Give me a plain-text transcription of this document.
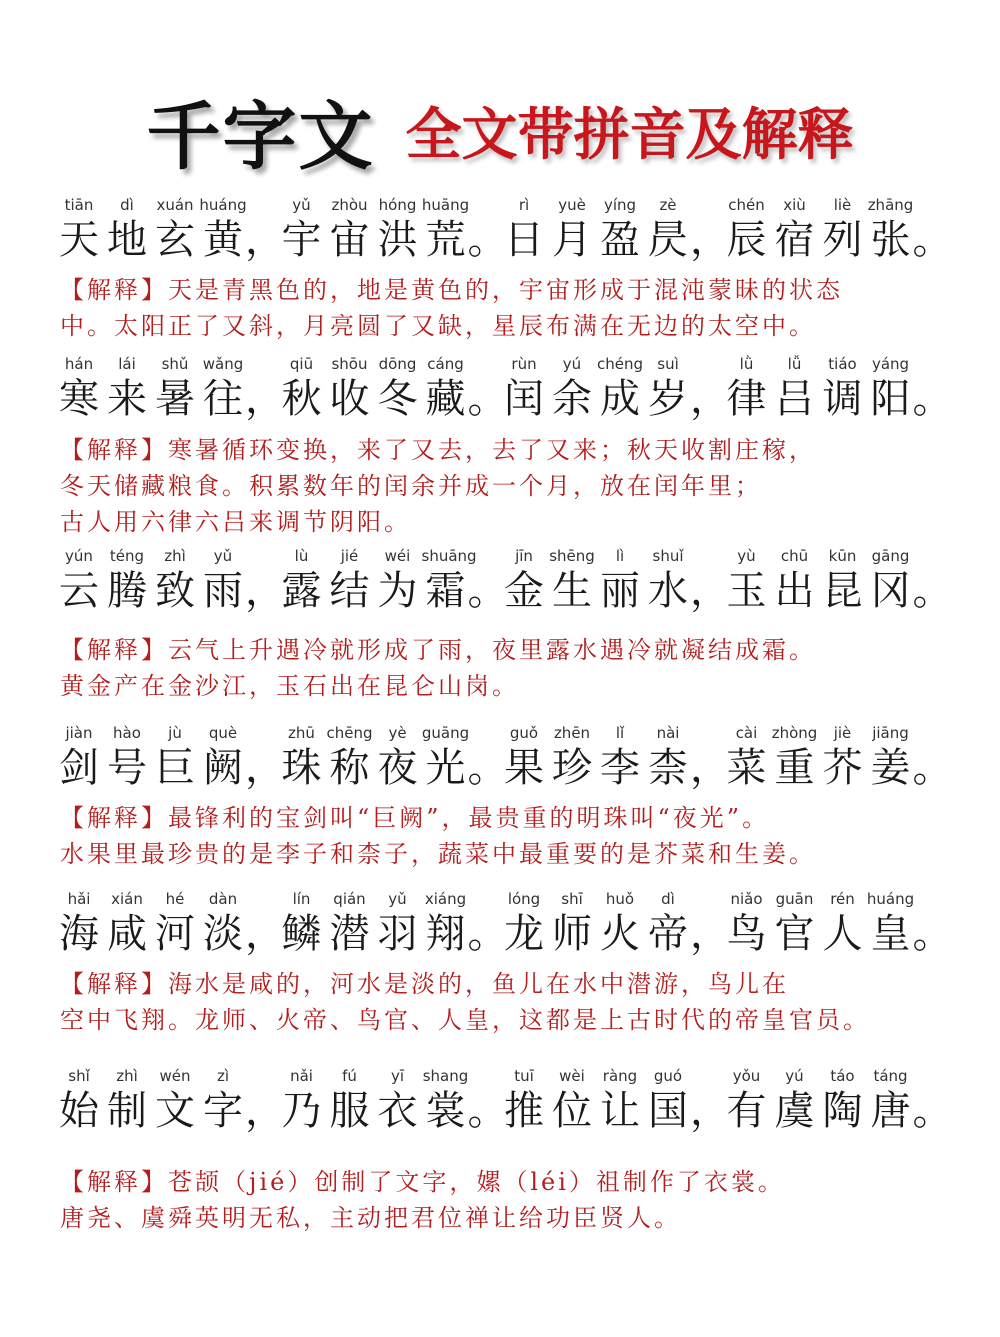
千字文 全文带拼音及解释
tiān
天
dì
地
xuán
玄
huáng
黄 ，
yǔ
宇
zhòu
宙
hóng
洪
huāng
荒 。
rì
日
yuè
月
yíng
盈
zè
昃 ，
chén
辰
xiù
宿
liè
列
zhāng
张 。
【解释】天是青黑色的，地是黄色的，宇宙形成于混沌蒙昧的状态
中。太阳正了又斜，月亮圆了又缺，星辰布满在无边的太空中。
hán
寒
lái
来
shǔ
暑
wǎng
往 ，
qiū
秋
shōu
收
dōng
冬
cáng
藏 。
rùn
闰
yú
余
chéng
成
suì
岁 ，
lǜ
律
lǚ
吕
tiáo
调
yáng
阳 。
【解释】寒暑循环变换，来了又去，去了又来；秋天收割庄稼，
冬天储藏粮食。积累数年的闰余并成一个月，放在闰年里；
古人用六律六吕来调节阴阳。
yún
云
téng
腾
zhì
致
yǔ
雨 ，
lù
露
jié
结
wéi
为
shuāng
霜 。
jīn
金
shēng
生
lì
丽
shuǐ
水 ，
yù
玉
chū
出
kūn
昆
gāng
冈 。
【解释】云气上升遇冷就形成了雨，夜里露水遇冷就凝结成霜。
黄金产在金沙江，玉石出在昆仑山岗。
jiàn
剑
hào
号
jù
巨
què
阙 ，
zhū
珠
chēng
称
yè
夜
guāng
光 。
guǒ
果
zhēn
珍
lǐ
李
nài
柰 ，
cài
菜
zhòng
重
jiè
芥
jiāng
姜 。
【解释】最锋利的宝剑叫“巨阙”，最贵重的明珠叫“夜光”。
水果里最珍贵的是李子和柰子，蔬菜中最重要的是芥菜和生姜。
hǎi
海
xián
咸
hé
河
dàn
淡 ，
lín
鳞
qián
潜
yǔ
羽
xiáng
翔 。
lóng
龙
shī
师
huǒ
火
dì
帝 ，
niǎo
鸟
guān
官
rén
人
huáng
皇 。
【解释】海水是咸的，河水是淡的，鱼儿在水中潜游，鸟儿在
空中飞翔。龙师、火帝、鸟官、人皇，这都是上古时代的帝皇官员。
shǐ
始
zhì
制
wén
文
zì
字 ，
nǎi
乃
fú
服
yī
衣
shang
裳 。
tuī
推
wèi
位
ràng
让
guó
国 ，
yǒu
有
yú
虞
táo
陶
táng
唐 。
【解释】苍颉（jié）创制了文字，嫘（léi）祖制作了衣裳。
唐尧、虞舜英明无私，主动把君位禅让给功臣贤人。
